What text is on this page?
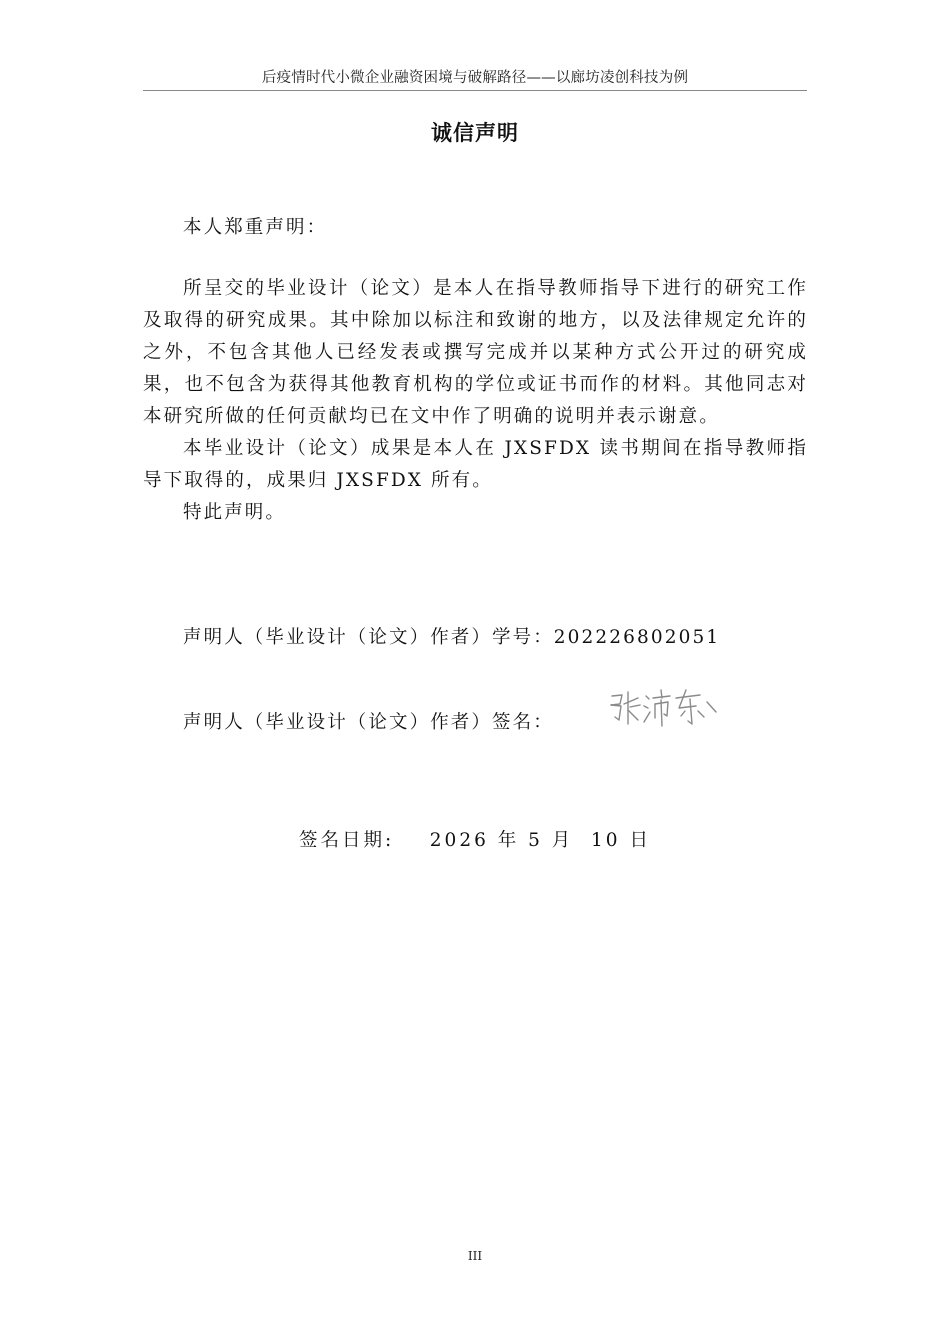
后疫情时代小微企业融资困境与破解路径——以廊坊凌创科技为例
诚信声明
本人郑重声明：
所呈交的毕业设计（论文）是本人在指导教师指导下进行的研究工作及取得的研究成果。其中除加以标注和致谢的地方，以及法律规定允许的之外，不包含其他人已经发表或撰写完成并以某种方式公开过的研究成果，也不包含为获得其他教育机构的学位或证书而作的材料。其他同志对本研究所做的任何贡献均已在文中作了明确的说明并表示谢意。
本毕业设计（论文）成果是本人在 JXSFDX 读书期间在指导教师指导下取得的，成果归 JXSFDX 所有。
特此声明。
声明人（毕业设计（论文）作者）学号：202226802051
声明人（毕业设计（论文）作者）签名：
签名日期:    2026 年 5 月  10 日
III
